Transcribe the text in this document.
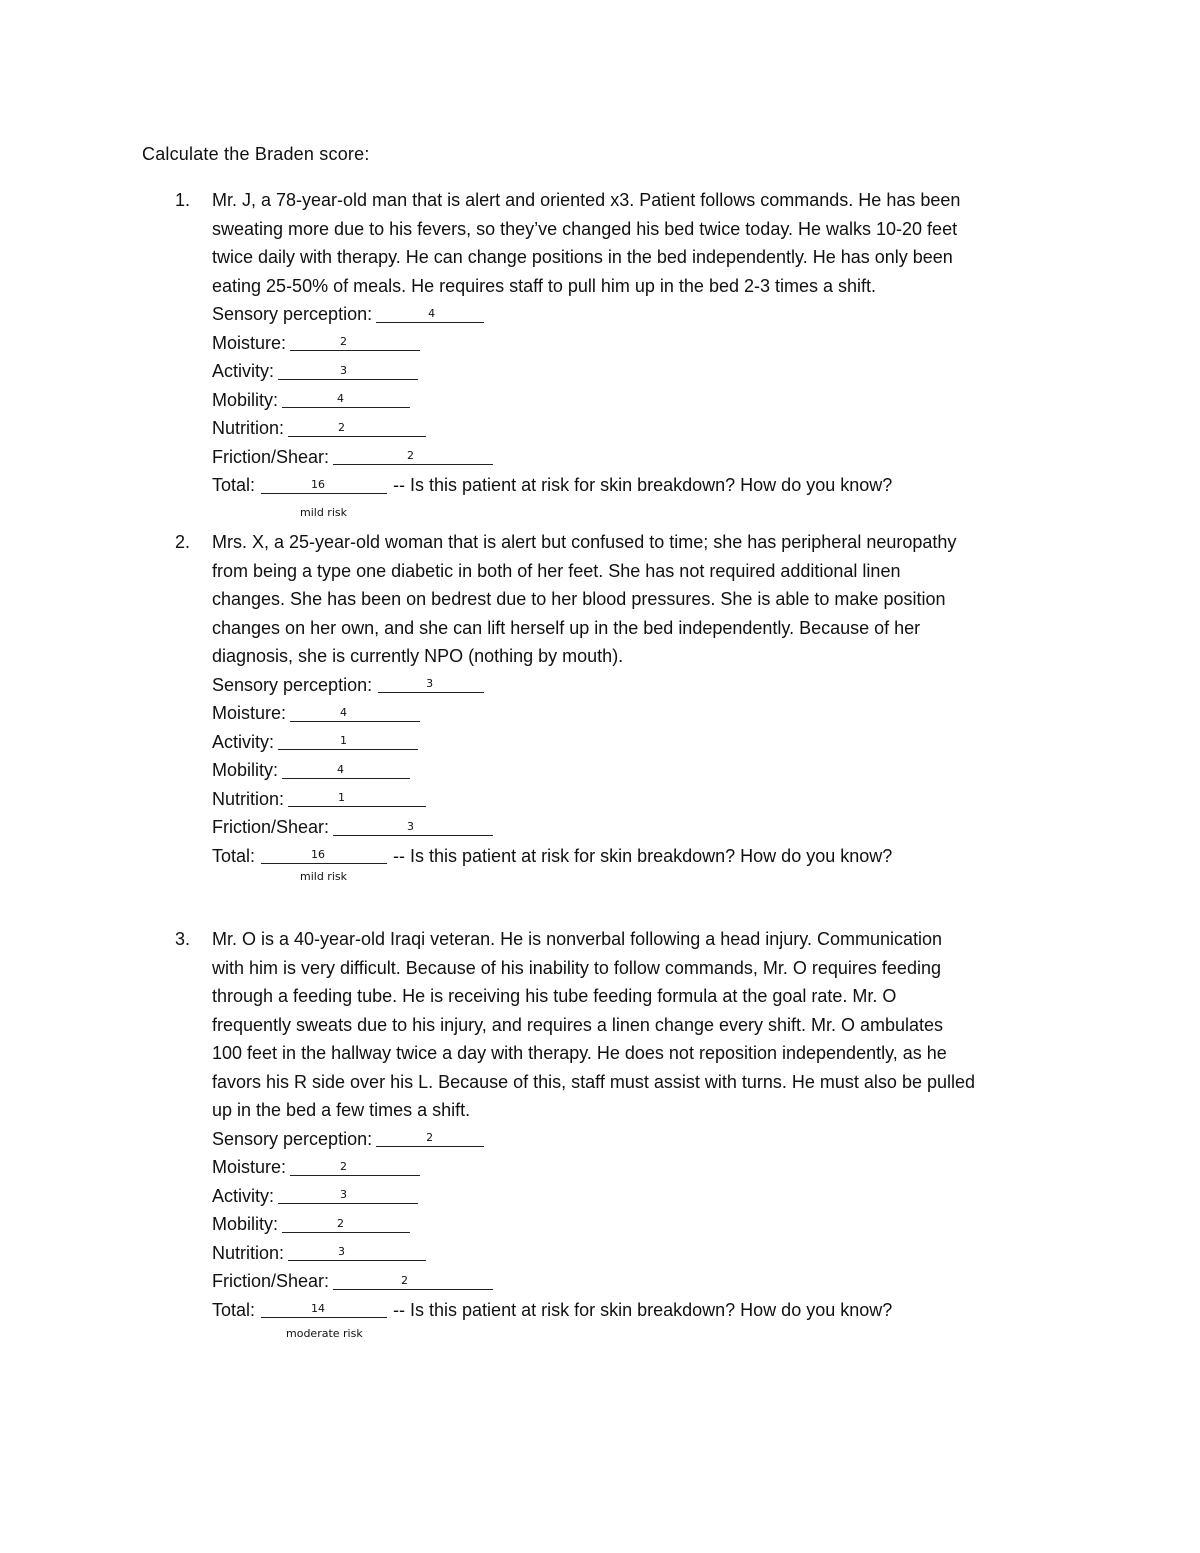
Calculate the Braden score:
1. Mr. J, a 78-year-old man that is alert and oriented x3. Patient follows commands. He has been
sweating more due to his fevers, so they’ve changed his bed twice today. He walks 10-20 feet
twice daily with therapy. He can change positions in the bed independently. He has only been
eating 25-50% of meals. He requires staff to pull him up in the bed 2-3 times a shift.

Sensory perception:	4
Moisture:	2
Activity:	3
Mobility:	4
Nutrition:	2
Friction/Shear:	2
Total:	16	-- Is this patient at risk for skin breakdown? How do you know?
mild risk
2. Mrs. X, a 25-year-old woman that is alert but confused to time; she has peripheral neuropathy
from being a type one diabetic in both of her feet. She has not required additional linen
changes. She has been on bedrest due to her blood pressures. She is able to make position
changes on her own, and she can lift herself up in the bed independently. Because of her
diagnosis, she is currently NPO (nothing by mouth).

Sensory perception:	3
Moisture:	4
Activity:	1
Mobility:	4
Nutrition:	1
Friction/Shear:	3
Total:	16	-- Is this patient at risk for skin breakdown? How do you know?
mild risk
3. Mr. O is a 40-year-old Iraqi veteran. He is nonverbal following a head injury. Communication
with him is very difficult. Because of his inability to follow commands, Mr. O requires feeding
through a feeding tube. He is receiving his tube feeding formula at the goal rate. Mr. O
frequently sweats due to his injury, and requires a linen change every shift. Mr. O ambulates
100 feet in the hallway twice a day with therapy. He does not reposition independently, as he
favors his R side over his L. Because of this, staff must assist with turns. He must also be pulled
up in the bed a few times a shift.

Sensory perception:	2
Moisture:	2
Activity:	3
Mobility:	2
Nutrition:	3
Friction/Shear:	2
Total:	14	-- Is this patient at risk for skin breakdown? How do you know?
moderate risk
